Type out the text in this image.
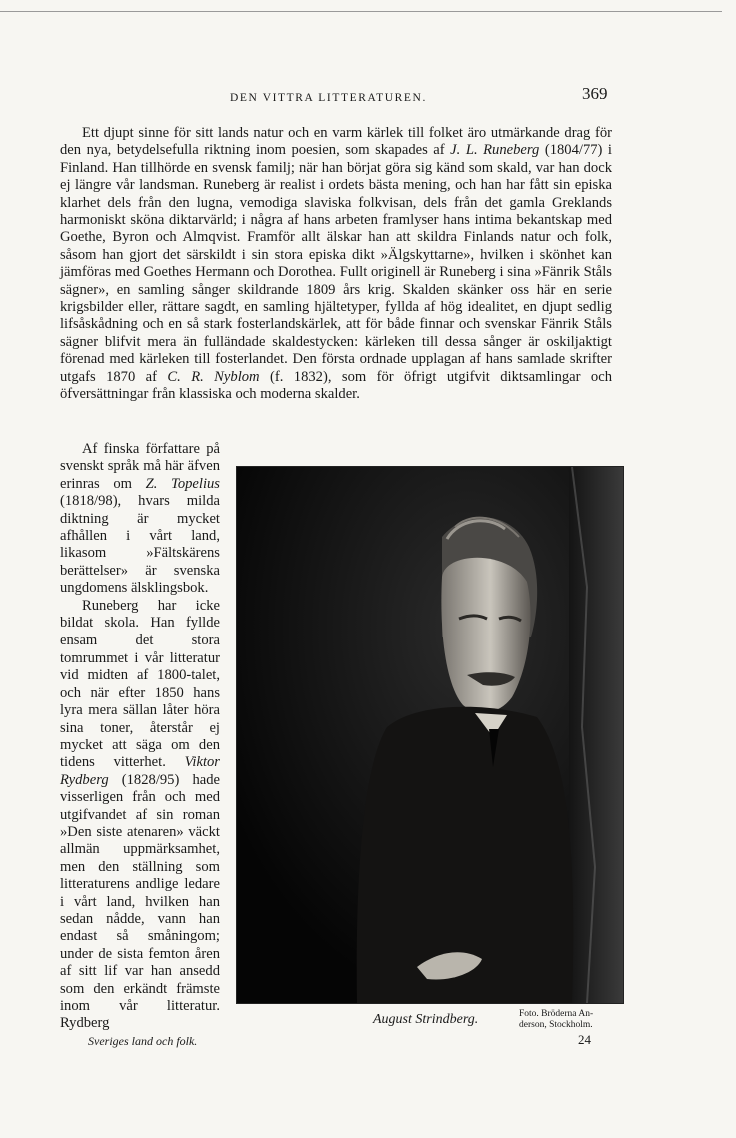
DEN VITTRA LITTERATUREN.	369

Ett djupt sinne för sitt lands natur och en varm kärlek till folket äro utmärkande drag för den nya, betydelsefulla riktning inom poesien, som skapades af J. L. Runeberg (1804/77) i Finland. Han tillhörde en svensk familj; när han börjat göra sig känd som skald, var han dock ej längre vår landsman. Runeberg är realist i ordets bästa mening, och han har fått sin episka klarhet dels från den lugna, vemodiga slaviska folkvisan, dels från det gamla Greklands harmoniskt sköna diktarvärld; i några af hans arbeten framlyser hans intima bekantskap med Goethe, Byron och Almqvist. Framför allt älskar han att skildra Finlands natur och folk, såsom han gjort det särskildt i sin stora episka dikt »Älgskyttarne», hvilken i skönhet kan jämföras med Goethes Hermann och Dorothea. Fullt originell är Runeberg i sina »Fänrik Ståls sägner», en samling sånger skildrande 1809 års krig. Skalden skänker oss här en serie krigsbilder eller, rättare sagdt, en samling hjältetyper, fyllda af hög idealitet, en djupt sedlig lifsåskådning och en så stark fosterlandskärlek, att för både finnar och svenskar Fänrik Ståls sägner blifvit mera än fulländade skaldestycken: kärleken till dessa sånger är oskiljaktigt förenad med kärleken till fosterlandet. Den första ordnade upplagan af hans samlade skrifter utgafs 1870 af C. R. Nyblom (f. 1832), som för öfrigt utgifvit diktsamlingar och öfversättningar från klassiska och moderna skalder.

Af finska författare på svenskt språk må här äfven erinras om Z. Topelius (1818/98), hvars milda diktning är mycket afhållen i vårt land, likasom »Fältskärens berättelser» är svenska ungdomens älsklingsbok.

Runeberg har icke bildat skola. Han fyllde ensam det stora tomrummet i vår litteratur vid midten af 1800-talet, och när efter 1850 hans lyra mera sällan låter höra sina toner, återstår ej mycket att säga om den tidens vitterhet. Viktor Rydberg (1828/95) hade visserligen från och med utgifvandet af sin roman »Den siste atenaren» väckt allmän uppmärksamhet, men den ställning som litteraturens andlige ledare i vårt land, hvilken han sedan nådde, vann han endast så småningom; under de sista femton åren af sitt lif var han ansedd som den erkändt främste inom vår litteratur. Rydberg	August Strindberg.	Foto. Bröderna An-
derson, Stockholm.
Sveriges land och folk.	24
